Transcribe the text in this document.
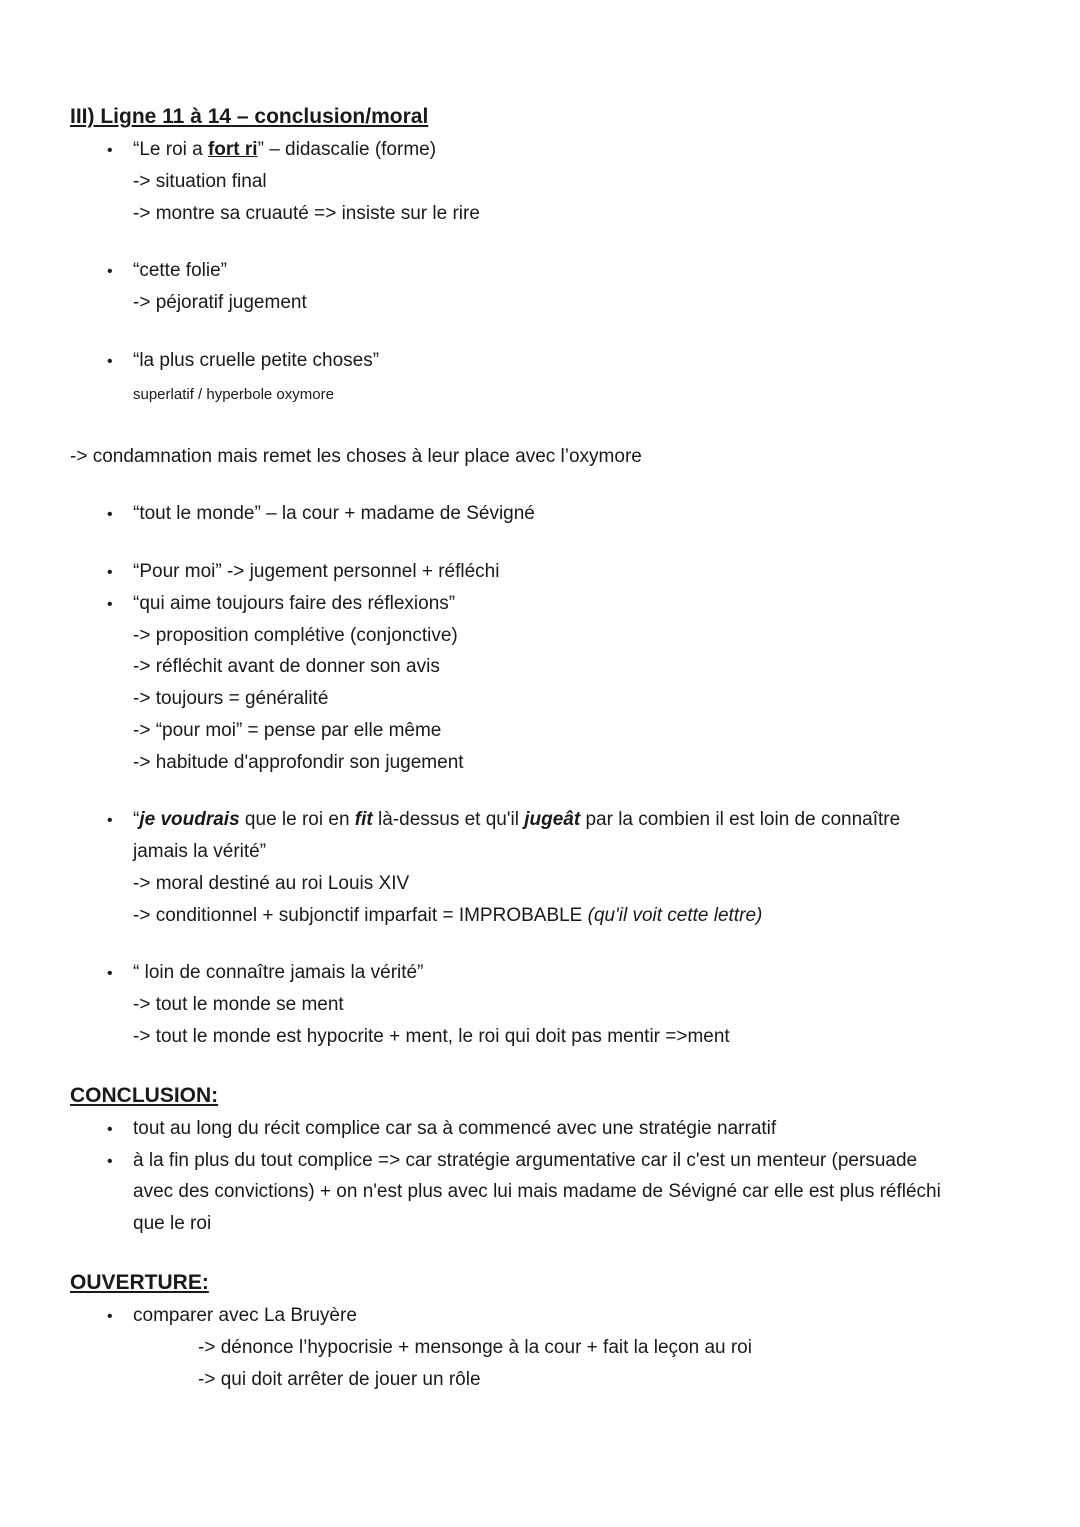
III) Ligne 11 à 14 – conclusion/moral
• “Le roi a fort ri” – didascalie (forme)
-> situation final
-> montre sa cruauté => insiste sur le rire
• “cette folie”
-> péjoratif jugement
• “la plus cruelle petite choses”
superlatif / hyperbole oxymore
-> condamnation mais remet les choses à leur place avec l’oxymore
• “tout le monde” – la cour + madame de Sévigné
• “Pour moi” -> jugement personnel + réfléchi
• “qui aime toujours faire des réflexions”
-> proposition complétive (conjonctive)
-> réfléchit avant de donner son avis
-> toujours = généralité
-> “pour moi” = pense par elle même
-> habitude d'approfondir son jugement
• “je voudrais que le roi en fit là-dessus et qu'il jugeât par la combien il est loin de connaître
jamais la vérité”
-> moral destiné au roi Louis XIV
-> conditionnel + subjonctif imparfait = IMPROBABLE (qu'il voit cette lettre)
• “ loin de connaître jamais la vérité”
-> tout le monde se ment
-> tout le monde est hypocrite + ment, le roi qui doit pas mentir =>ment
CONCLUSION:
• tout au long du récit complice car sa à commencé avec une stratégie narratif
• à la fin plus du tout complice => car stratégie argumentative car il c'est un menteur (persuade
avec des convictions) + on n'est plus avec lui mais madame de Sévigné car elle est plus réfléchi
que le roi
OUVERTURE:
• comparer avec La Bruyère
-> dénonce l’hypocrisie + mensonge à la cour + fait la leçon au roi
-> qui doit arrêter de jouer un rôle
